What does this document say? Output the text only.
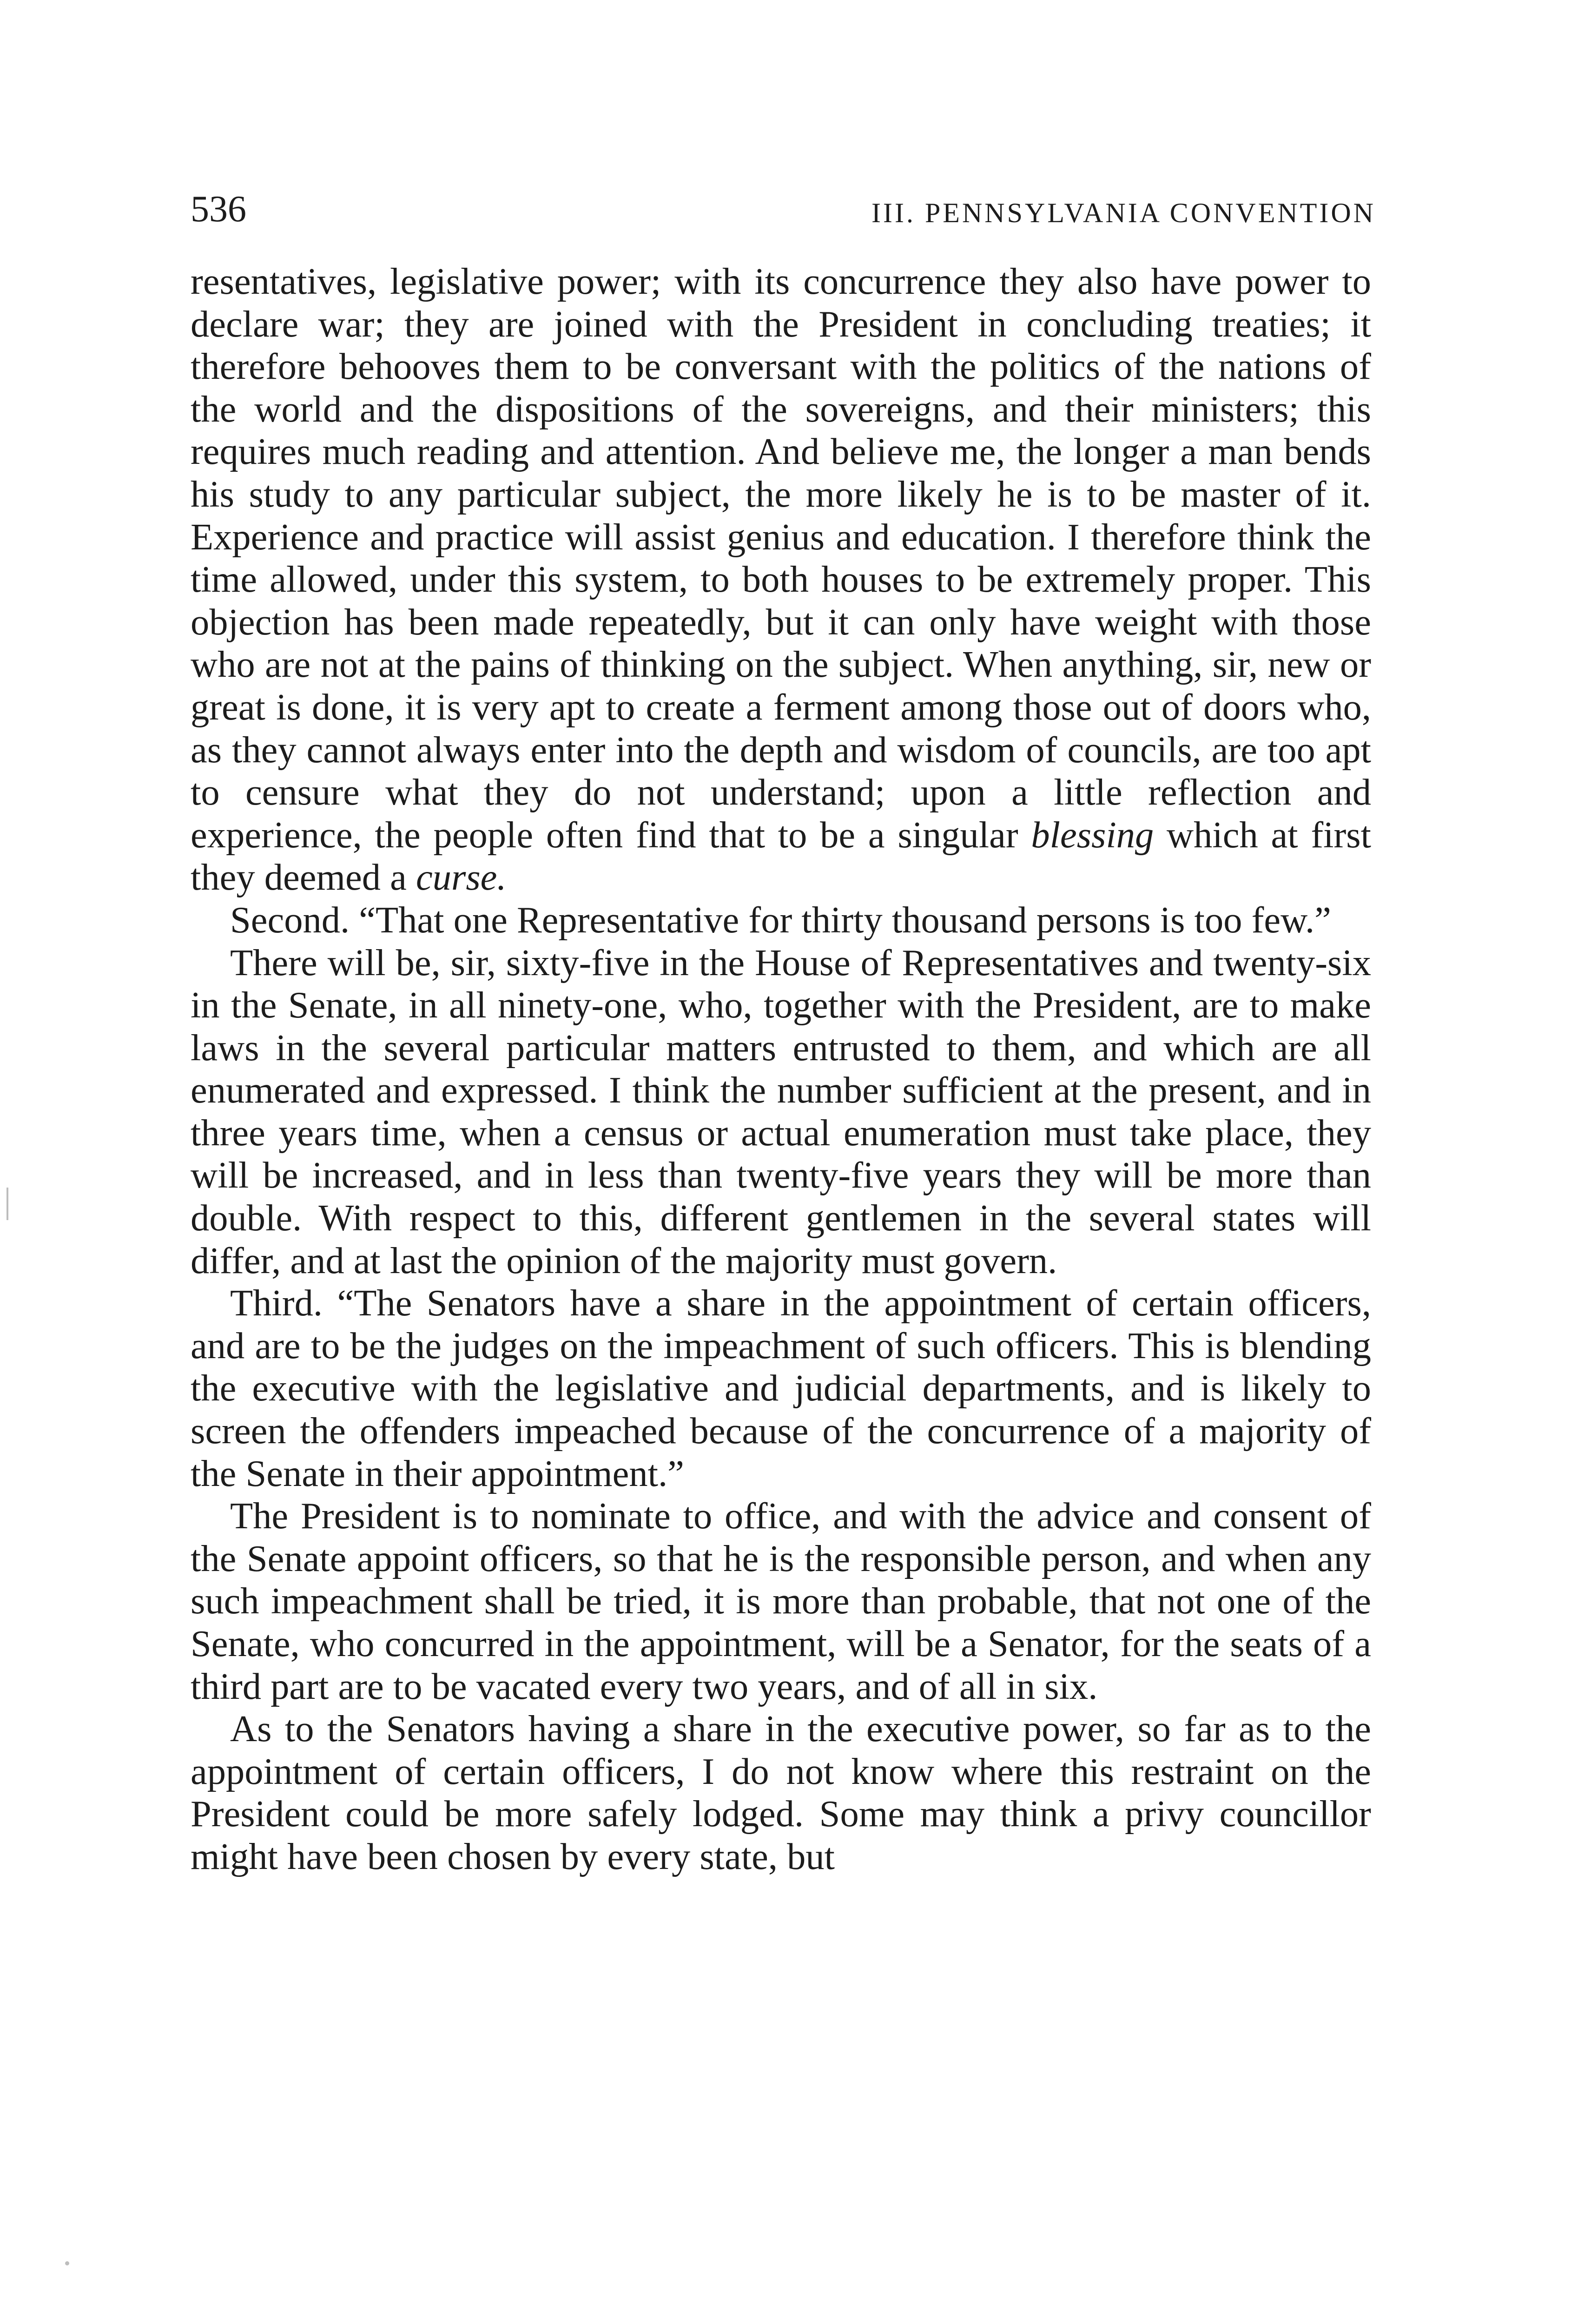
536	III. PENNSYLVANIA CONVENTION

resentatives, legislative power; with its concurrence they also have power to declare war; they are joined with the President in concluding treaties; it therefore behooves them to be conversant with the politics of the nations of the world and the dispositions of the sovereigns, and their ministers; this requires much reading and attention. And believe me, the longer a man bends his study to any particular subject, the more likely he is to be master of it. Experience and practice will assist genius and education. I therefore think the time allowed, under this system, to both houses to be extremely proper. This objection has been made repeatedly, but it can only have weight with those who are not at the pains of thinking on the subject. When anything, sir, new or great is done, it is very apt to create a ferment among those out of doors who, as they cannot always enter into the depth and wisdom of councils, are too apt to censure what they do not understand; upon a little reflection and experience, the people often find that to be a singular blessing which at first they deemed a curse.

Second. “That one Representative for thirty thousand persons is too few.”

There will be, sir, sixty-five in the House of Representatives and twenty-six in the Senate, in all ninety-one, who, together with the President, are to make laws in the several particular matters entrusted to them, and which are all enumerated and expressed. I think the number sufficient at the present, and in three years time, when a census or actual enumeration must take place, they will be increased, and in less than twenty-five years they will be more than double. With respect to this, different gentlemen in the several states will differ, and at last the opinion of the majority must govern.

Third. “The Senators have a share in the appointment of certain officers, and are to be the judges on the impeachment of such officers. This is blending the executive with the legislative and judicial departments, and is likely to screen the offenders impeached because of the concurrence of a majority of the Senate in their appointment.”

The President is to nominate to office, and with the advice and consent of the Senate appoint officers, so that he is the responsible person, and when any such impeachment shall be tried, it is more than probable, that not one of the Senate, who concurred in the appointment, will be a Senator, for the seats of a third part are to be vacated every two years, and of all in six.

As to the Senators having a share in the executive power, so far as to the appointment of certain officers, I do not know where this restraint on the President could be more safely lodged. Some may think a privy councillor might have been chosen by every state, but
